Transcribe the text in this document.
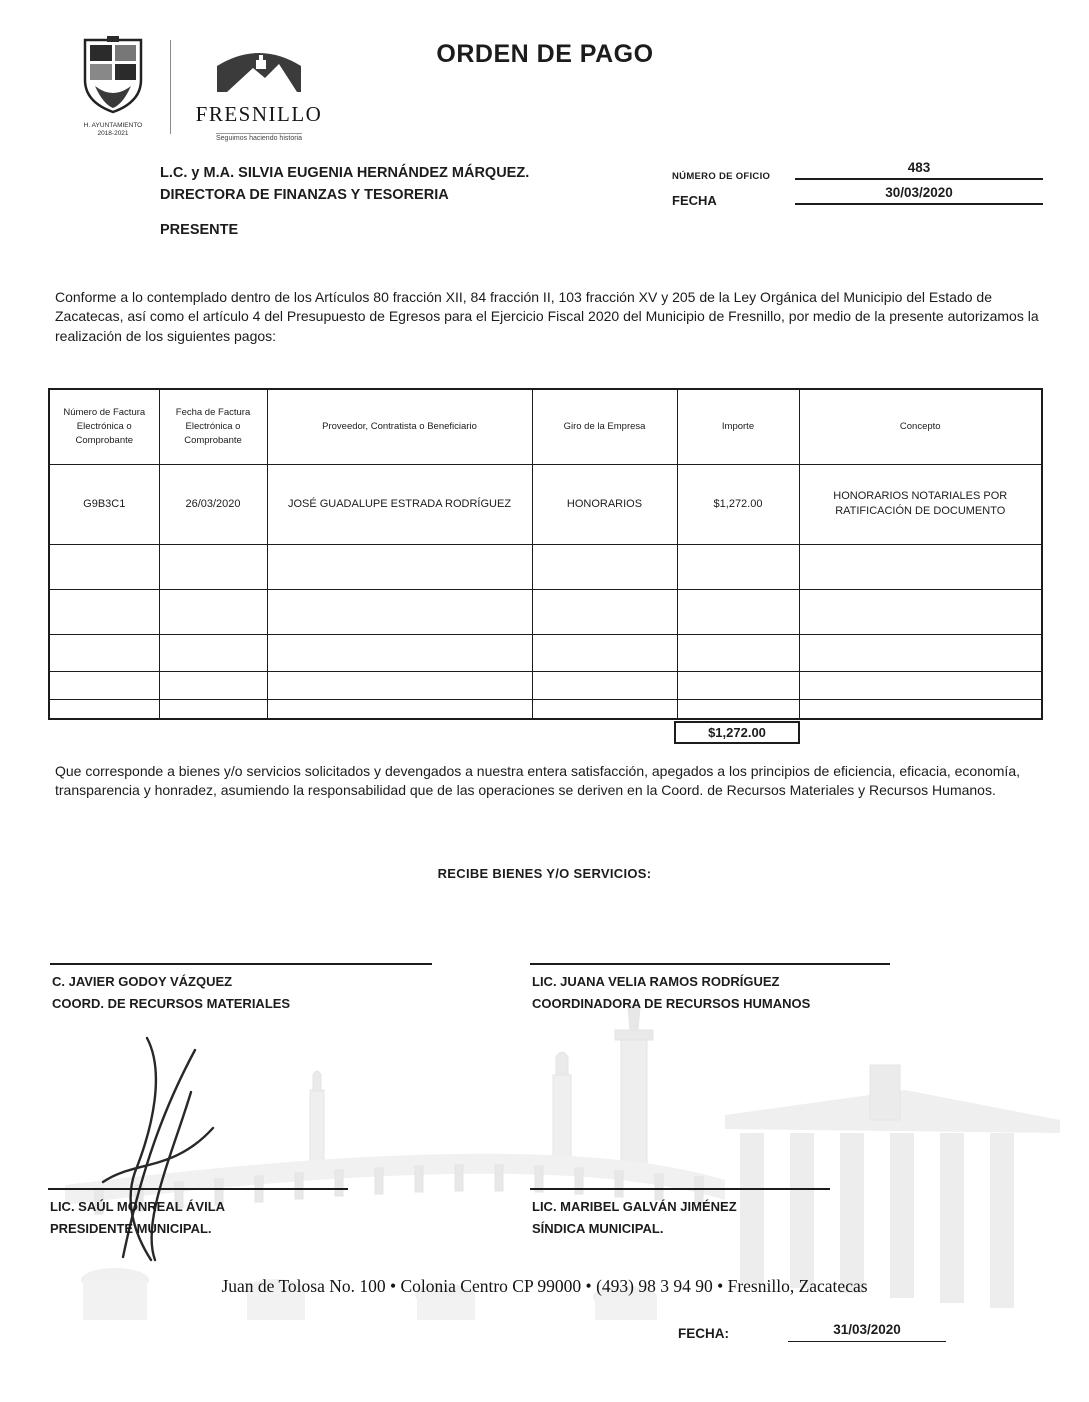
H. AYUNTAMIENTO
2018-2021
FRESNILLO
Seguimos haciendo historia
ORDEN DE PAGO
L.C. y M.A. SILVIA EUGENIA HERNÁNDEZ MÁRQUEZ.
DIRECTORA DE FINANZAS Y TESORERIA
PRESENTE
NÚMERO DE OFICIO
483
FECHA
30/03/2020
Conforme a lo contemplado dentro de los Artículos 80 fracción XII, 84 fracción II, 103 fracción XV y 205 de la Ley Orgánica del Municipio del Estado de Zacatecas, así como el artículo 4 del Presupuesto de Egresos para el Ejercicio Fiscal 2020 del Municipio de Fresnillo, por medio de la presente autorizamos la realización de los siguientes pagos:
Número de Factura Electrónica o Comprobante	Fecha de Factura Electrónica o Comprobante	Proveedor, Contratista o Beneficiario	Giro de la Empresa	Importe	Concepto
G9B3C1	26/03/2020	JOSÉ GUADALUPE ESTRADA RODRÍGUEZ	HONORARIOS	$1,272.00	HONORARIOS NOTARIALES POR RATIFICACIÓN DE DOCUMENTO

$1,272.00
Que corresponde a bienes y/o servicios solicitados y devengados a nuestra entera satisfacción, apegados a los principios de eficiencia, eficacia, economía, transparencia y honradez, asumiendo la responsabilidad que de las operaciones se deriven en la Coord. de Recursos Materiales y Recursos Humanos.
RECIBE BIENES Y/O SERVICIOS:
C. JAVIER GODOY VÁZQUEZ
COORD. DE RECURSOS MATERIALES
LIC. JUANA VELIA RAMOS RODRÍGUEZ
COORDINADORA DE RECURSOS HUMANOS
LIC. SAÚL MONREAL ÁVILA
PRESIDENTE MUNICIPAL.
LIC. MARIBEL GALVÁN JIMÉNEZ
SÍNDICA MUNICIPAL.
Juan de Tolosa No. 100 • Colonia Centro CP 99000 • (493) 98 3 94 90 • Fresnillo, Zacatecas
FECHA:	31/03/2020
